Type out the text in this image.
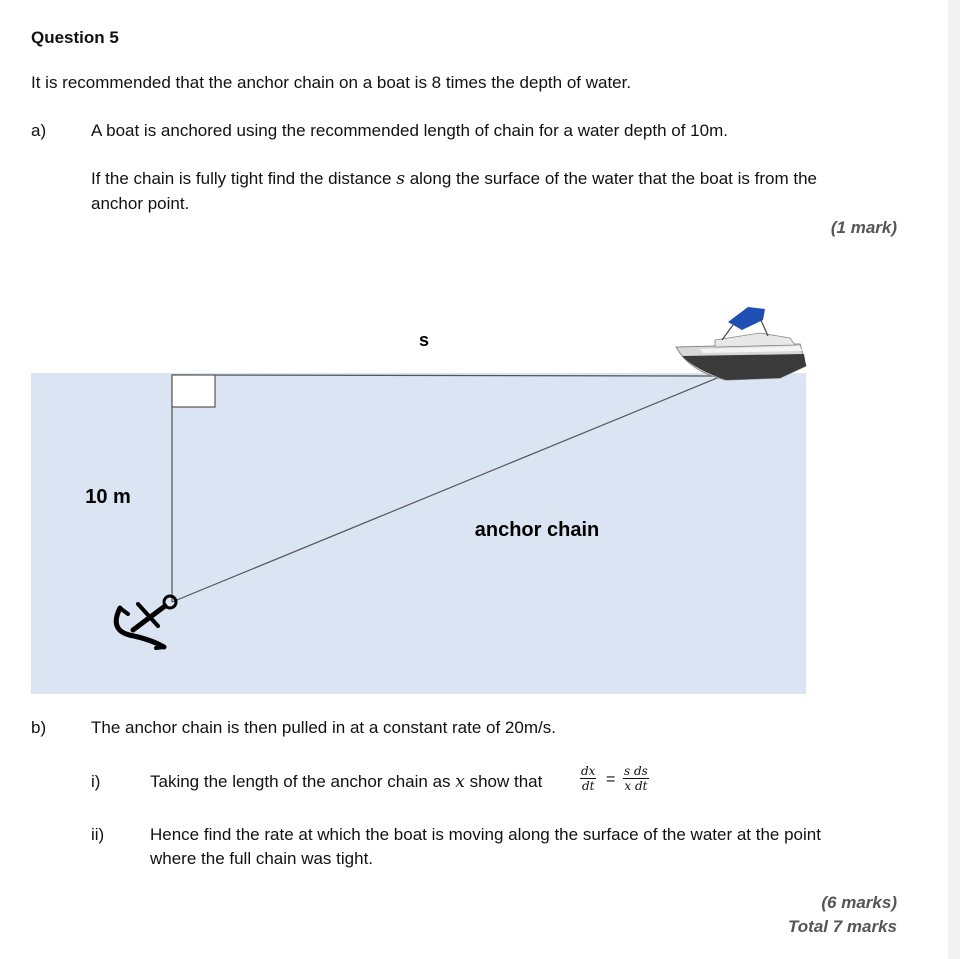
Question 5
It is recommended that the anchor chain on a boat is 8 times the depth of water.
a)	A boat is anchored using the recommended length of chain for a water depth of 10m.
If the chain is fully tight find the distance s along the surface of the water that the boat is from the
anchor point.
(1 mark)
s
10 m
anchor chain
b)	The anchor chain is then pulled in at a constant rate of 20m/s.
i)	Taking the length of the anchor chain as x show that	$\frac{dx}{dt} = \frac{\text{s ds}}{\text{x dt}}$
ii)	Hence find the rate at which the boat is moving along the surface of the water at the point
where the full chain was tight.
(6 marks)
Total 7 marks
